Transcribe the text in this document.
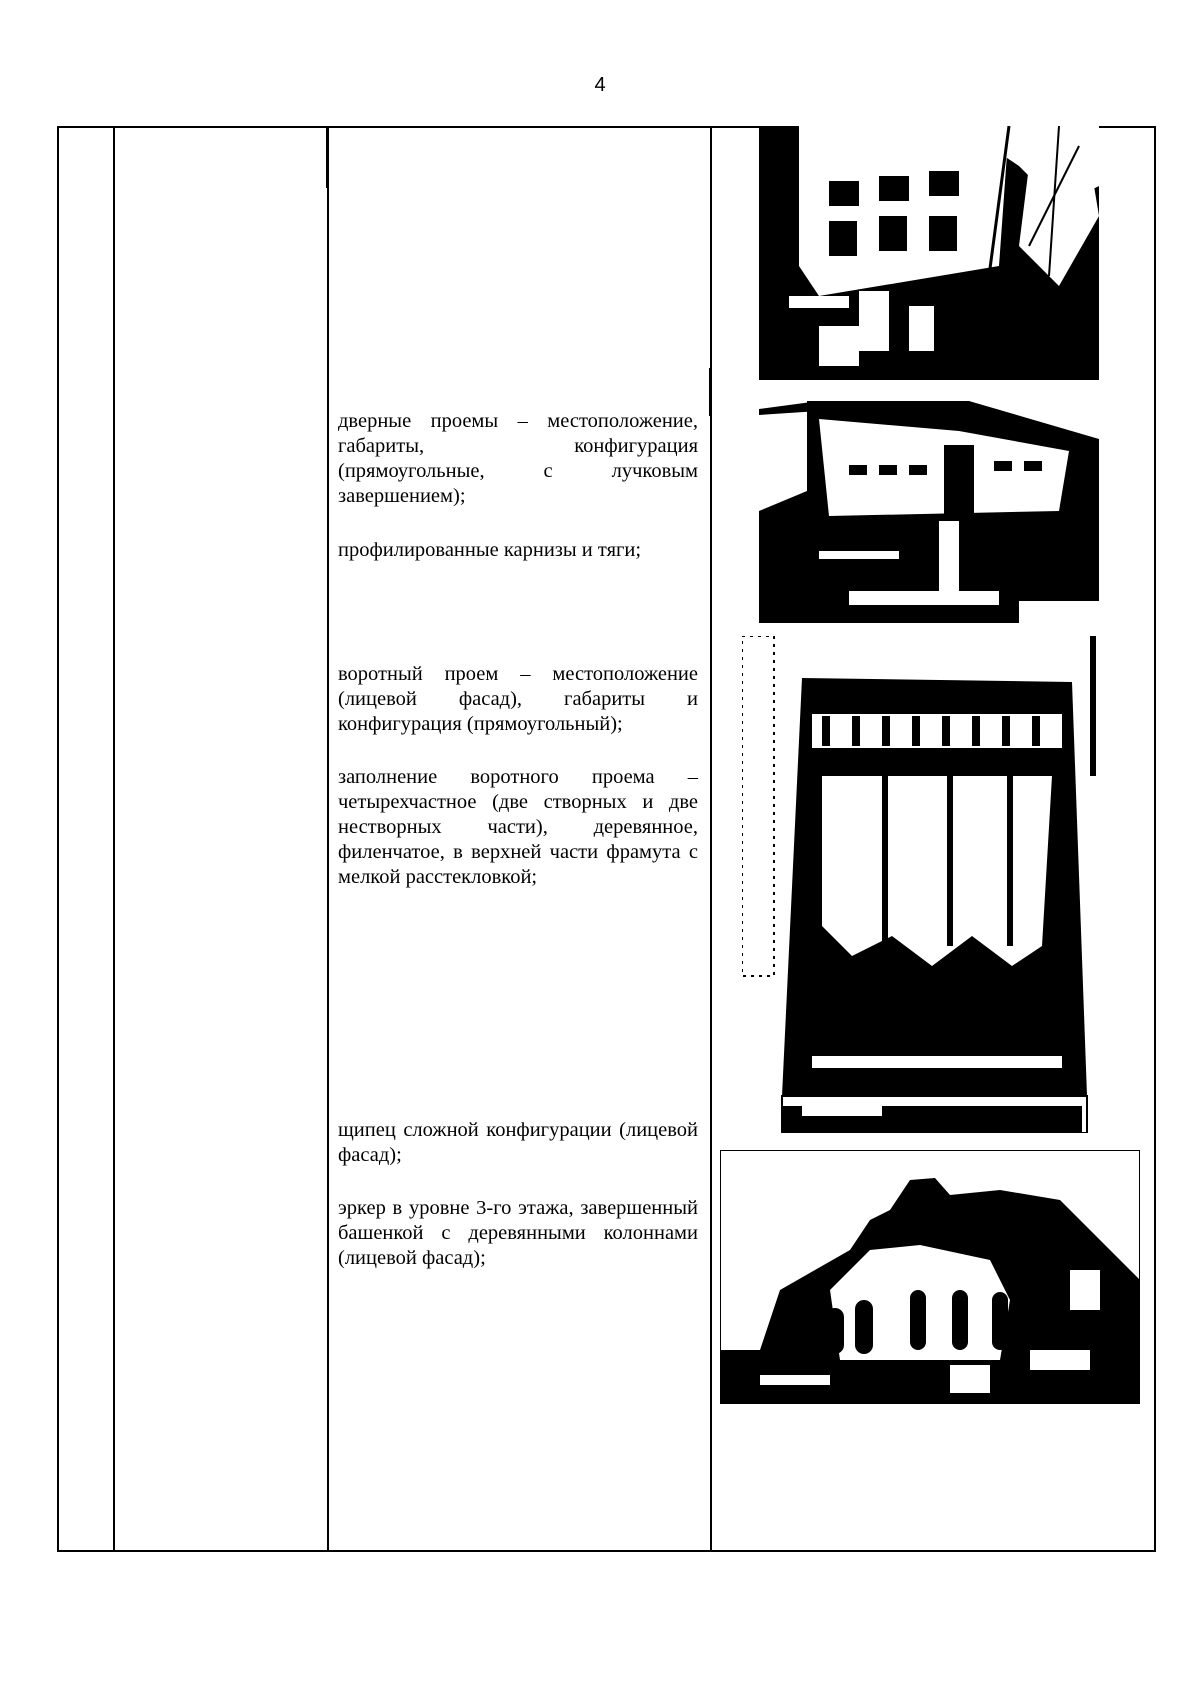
4
дверные проемы – местоположение, габариты, конфигурация (прямоугольные, с лучковым завершением);
профилированные карнизы и тяги;
воротный проем – местоположение (лицевой фасад), габариты и конфигурация (прямоугольный);
заполнение воротного проема – четырехчастное (две створных и две нестворных части), деревянное, филенчатое, в верхней части фрамута с мелкой расстекловкой;
щипец сложной конфигурации (лицевой фасад);
эркер в уровне 3-го этажа, завершенный башенкой с деревянными колоннами (лицевой фасад);
